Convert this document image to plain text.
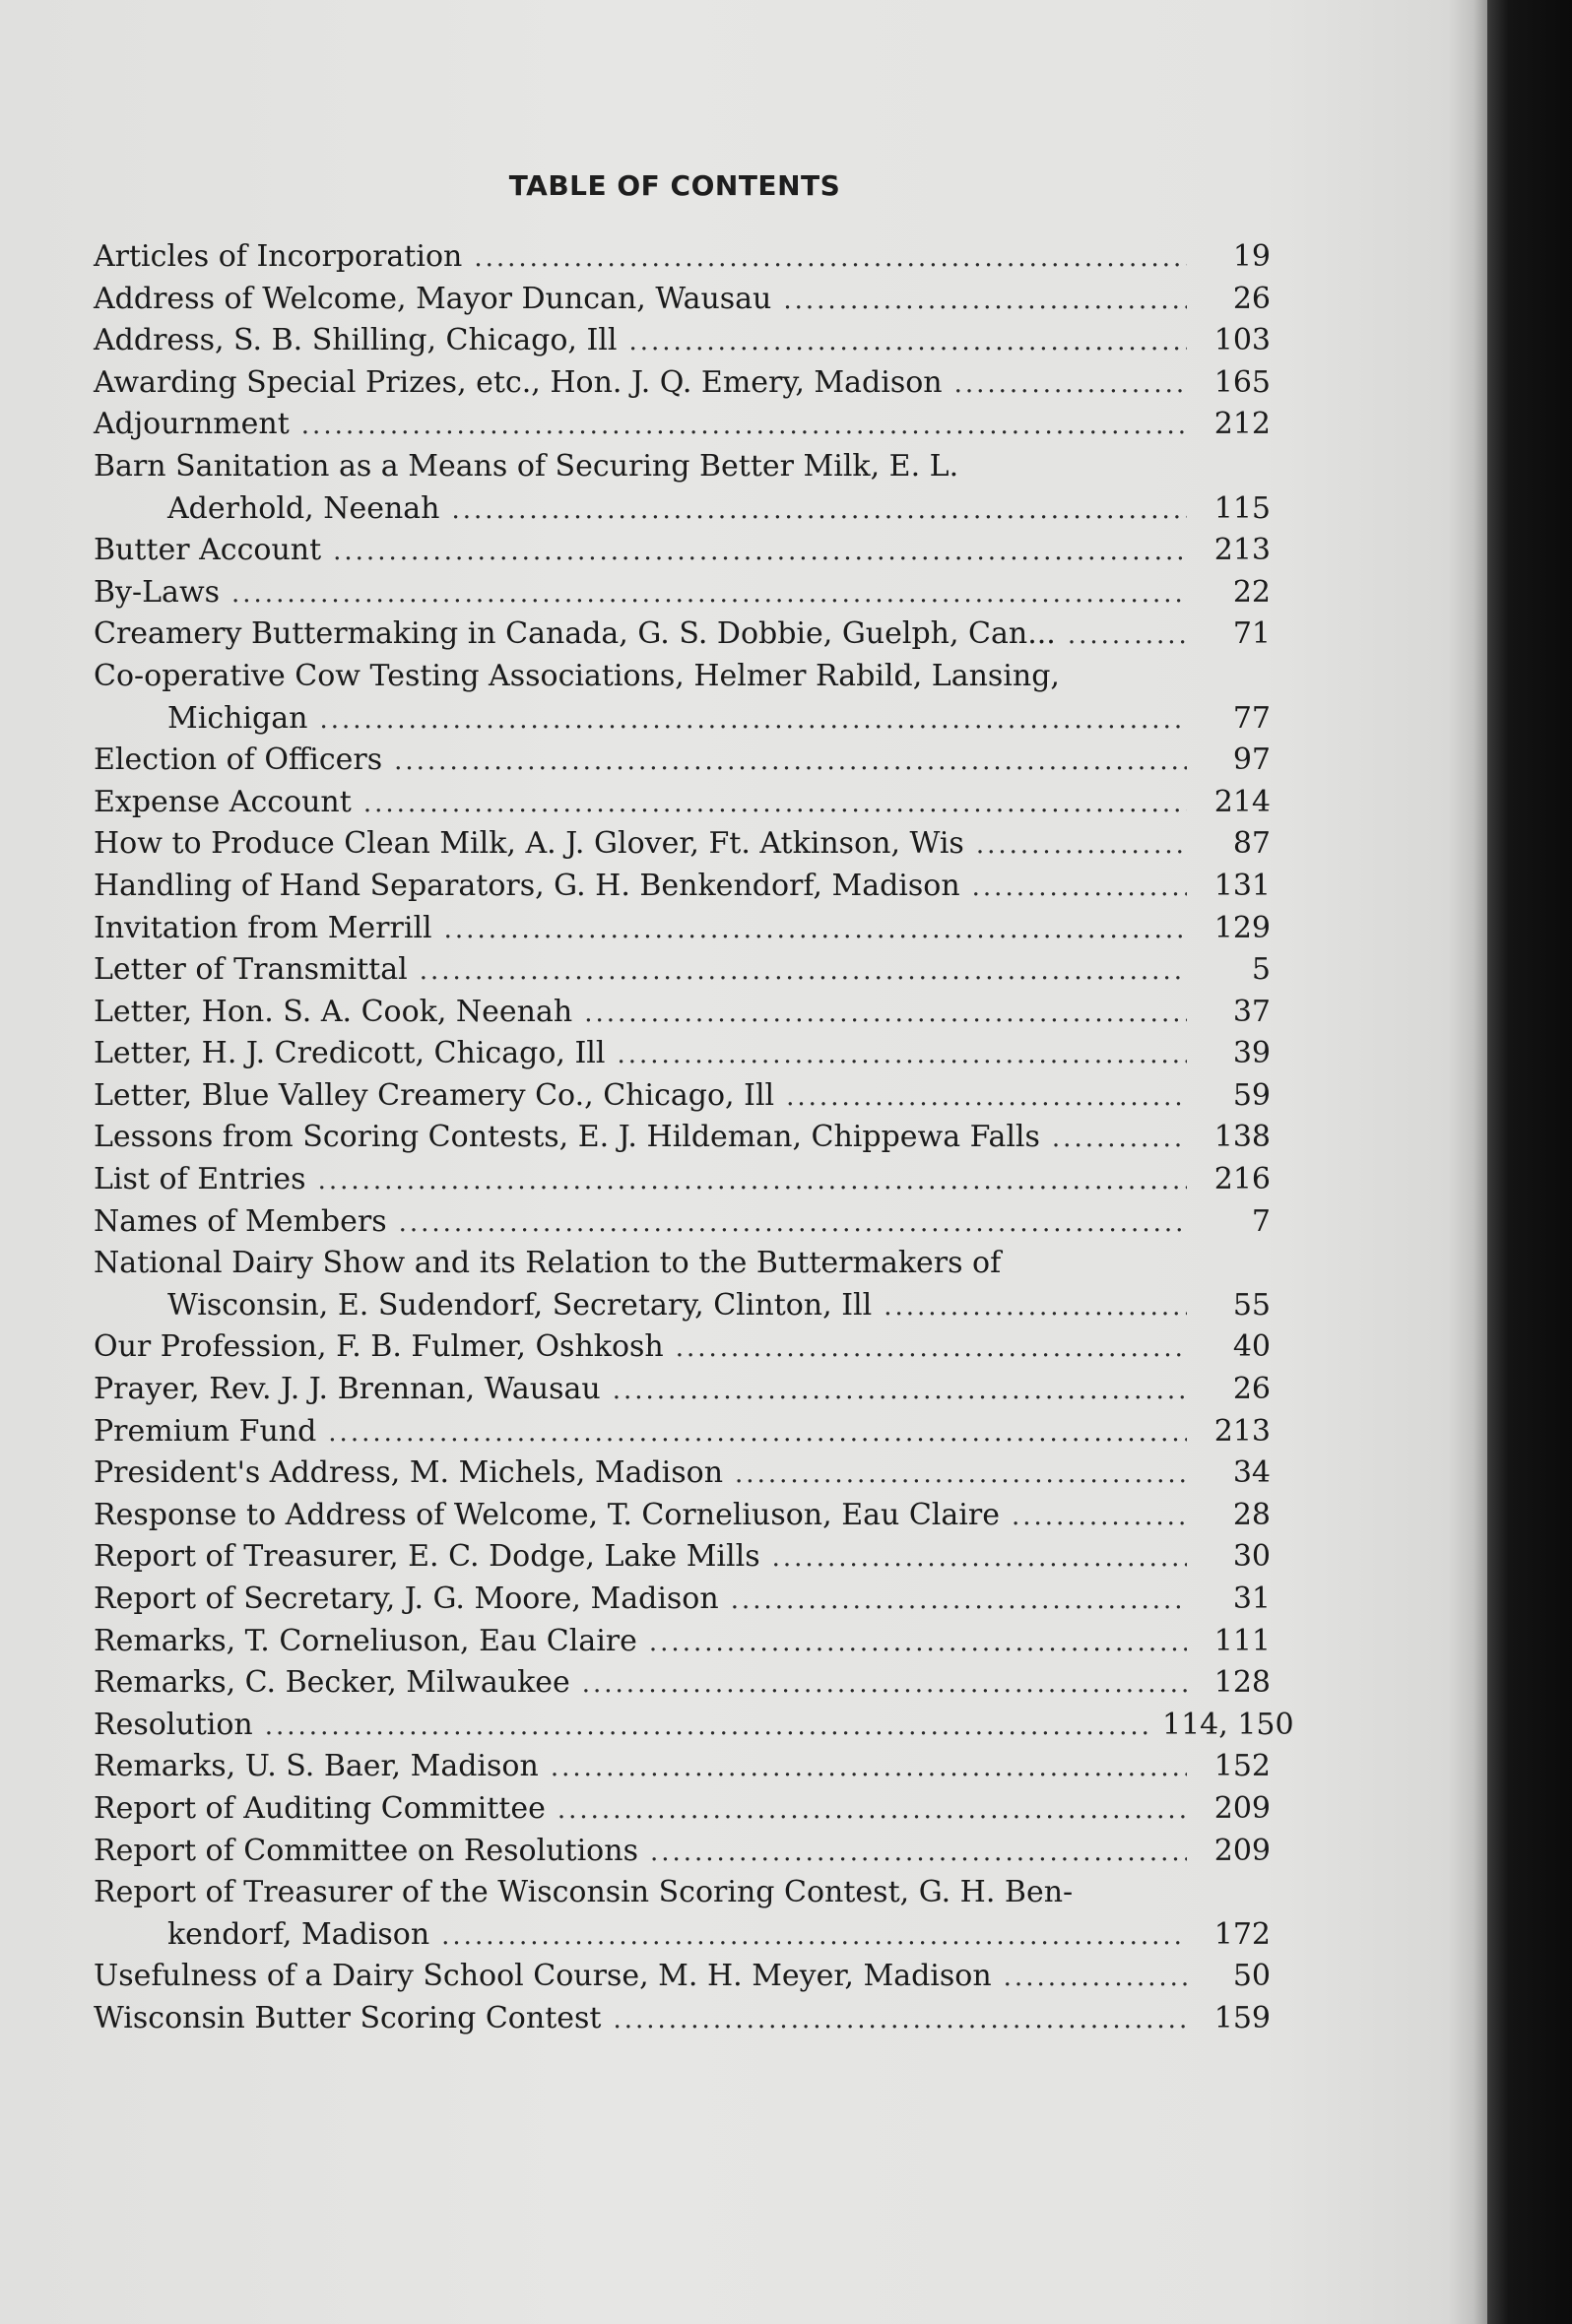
TABLE OF CONTENTS
Articles of Incorporation .....	19
Address of Welcome, Mayor Duncan, Wausau .....	26
Address, S. B. Shilling, Chicago, Ill .....	103
Awarding Special Prizes, etc., Hon. J. Q. Emery, Madison .....	165
Adjournment .....	212
Barn Sanitation as a Means of Securing Better Milk, E. L.
Aderhold, Neenah .....	115
Butter Account .....	213
By-Laws .....	22
Creamery Buttermaking in Canada, G. S. Dobbie, Guelph, Can... .....	71
Co-operative Cow Testing Associations, Helmer Rabild, Lansing,
Michigan .....	77
Election of Officers .....	97
Expense Account .....	214
How to Produce Clean Milk, A. J. Glover, Ft. Atkinson, Wis .....	87
Handling of Hand Separators, G. H. Benkendorf, Madison .....	131
Invitation from Merrill .....	129
Letter of Transmittal .....	5
Letter, Hon. S. A. Cook, Neenah .....	37
Letter, H. J. Credicott, Chicago, Ill .....	39
Letter, Blue Valley Creamery Co., Chicago, Ill .....	59
Lessons from Scoring Contests, E. J. Hildeman, Chippewa Falls .....	138
List of Entries .....	216
Names of Members .....	7
National Dairy Show and its Relation to the Buttermakers of
Wisconsin, E. Sudendorf, Secretary, Clinton, Ill .....	55
Our Profession, F. B. Fulmer, Oshkosh .....	40
Prayer, Rev. J. J. Brennan, Wausau .....	26
Premium Fund .....	213
President's Address, M. Michels, Madison .....	34
Response to Address of Welcome, T. Corneliuson, Eau Claire .....	28
Report of Treasurer, E. C. Dodge, Lake Mills .....	30
Report of Secretary, J. G. Moore, Madison .....	31
Remarks, T. Corneliuson, Eau Claire .....	111
Remarks, C. Becker, Milwaukee .....	128
Resolution .....	114, 150
Remarks, U. S. Baer, Madison .....	152
Report of Auditing Committee .....	209
Report of Committee on Resolutions .....	209
Report of Treasurer of the Wisconsin Scoring Contest, G. H. Ben-
kendorf, Madison .....	172
Usefulness of a Dairy School Course, M. H. Meyer, Madison .....	50
Wisconsin Butter Scoring Contest .....	159
